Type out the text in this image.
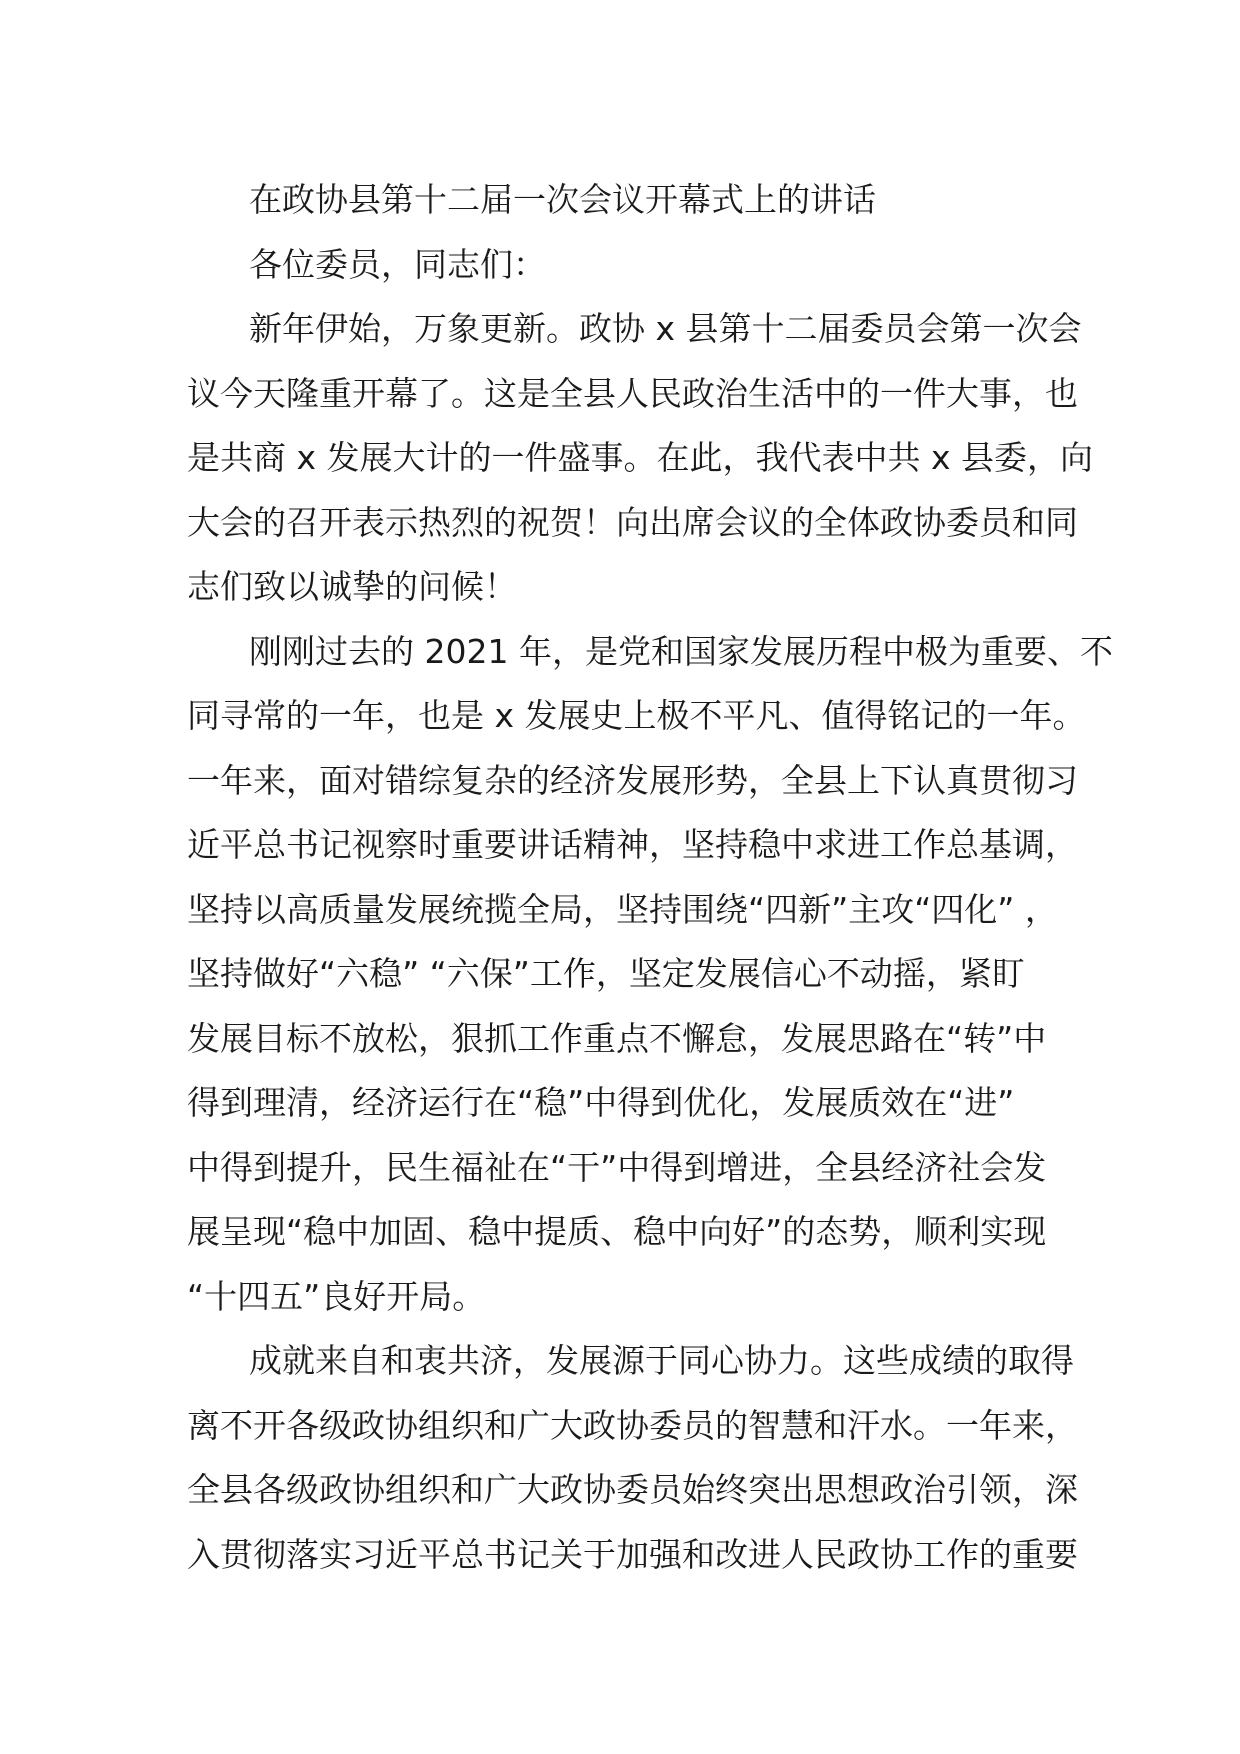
在政协县第十二届一次会议开幕式上的讲话
各位委员，同志们：
新年伊始，万象更新。政协 x 县第十二届委员会第一次会
议今天隆重开幕了。这是全县人民政治生活中的一件大事，也
是共商 x 发展大计的一件盛事。在此，我代表中共 x 县委，向
大会的召开表示热烈的祝贺！向出席会议的全体政协委员和同
志们致以诚挚的问候！
刚刚过去的 2021 年，是党和国家发展历程中极为重要、不
同寻常的一年，也是 x 发展史上极不平凡、值得铭记的一年。
一年来，面对错综复杂的经济发展形势，全县上下认真贯彻习
近平总书记视察时重要讲话精神，坚持稳中求进工作总基调，
坚持以高质量发展统揽全局，坚持围绕“四新”主攻“四化” ，
坚持做好“六稳” “六保”工作，坚定发展信心不动摇，紧盯
发展目标不放松，狠抓工作重点不懈怠，发展思路在“转”中
得到理清，经济运行在“稳”中得到优化，发展质效在“进”
中得到提升，民生福祉在“干”中得到增进，全县经济社会发
展呈现“稳中加固、稳中提质、稳中向好”的态势，顺利实现
“十四五”良好开局。
成就来自和衷共济，发展源于同心协力。这些成绩的取得
离不开各级政协组织和广大政协委员的智慧和汗水。一年来，
全县各级政协组织和广大政协委员始终突出思想政治引领，深
入贯彻落实习近平总书记关于加强和改进人民政协工作的重要
